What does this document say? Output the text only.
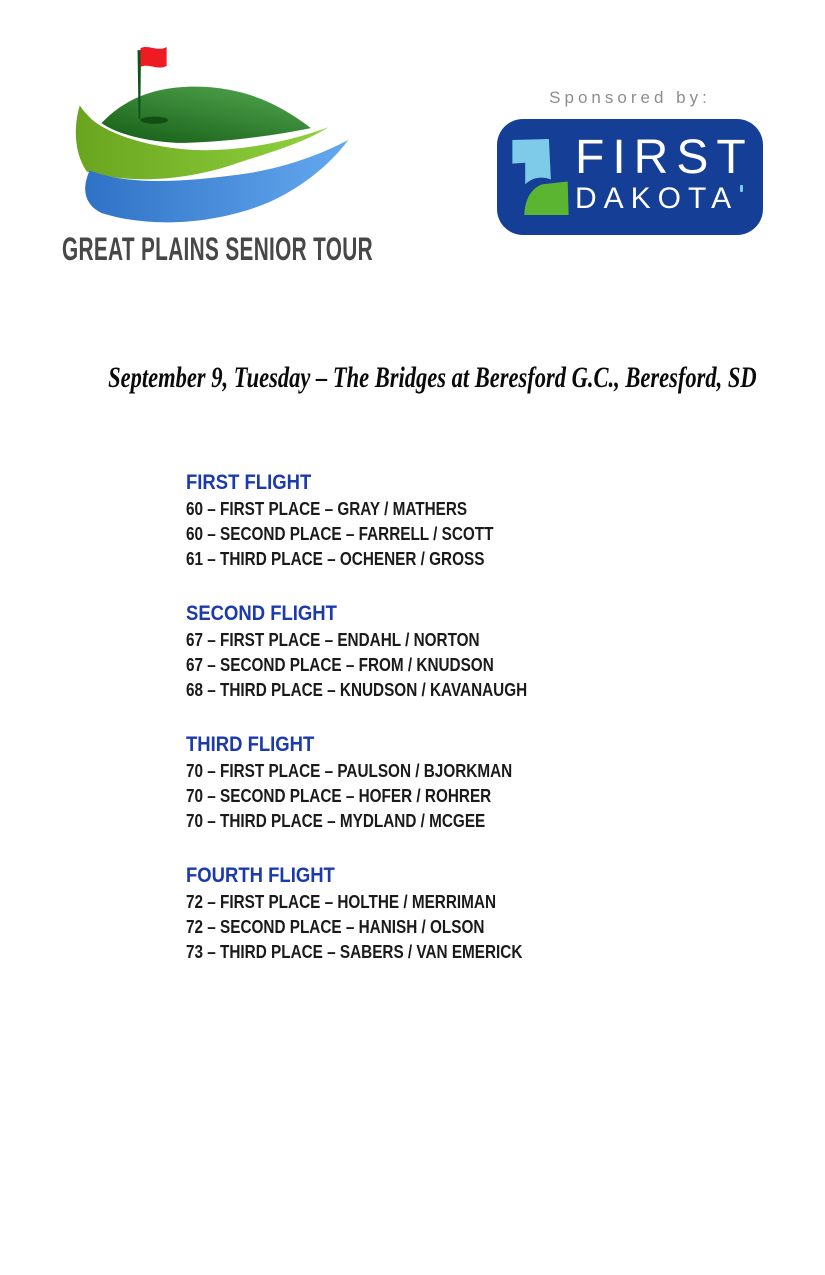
GREAT PLAINS SENIOR TOUR
Sponsored by:
FIRST
DAKOTA
September 9, Tuesday – The Bridges at Beresford G.C., Beresford, SD
FIRST FLIGHT

60 – FIRST PLACE – GRAY / MATHERS

60 – SECOND PLACE – FARRELL / SCOTT

61 – THIRD PLACE – OCHENER / GROSS

SECOND FLIGHT

67 – FIRST PLACE – ENDAHL / NORTON

67 – SECOND PLACE – FROM / KNUDSON

68 – THIRD PLACE – KNUDSON / KAVANAUGH

THIRD FLIGHT

70 – FIRST PLACE – PAULSON / BJORKMAN

70 – SECOND PLACE – HOFER / ROHRER

70 – THIRD PLACE – MYDLAND / MCGEE

FOURTH FLIGHT

72 – FIRST PLACE – HOLTHE / MERRIMAN

72 – SECOND PLACE – HANISH / OLSON

73 – THIRD PLACE – SABERS / VAN EMERICK
